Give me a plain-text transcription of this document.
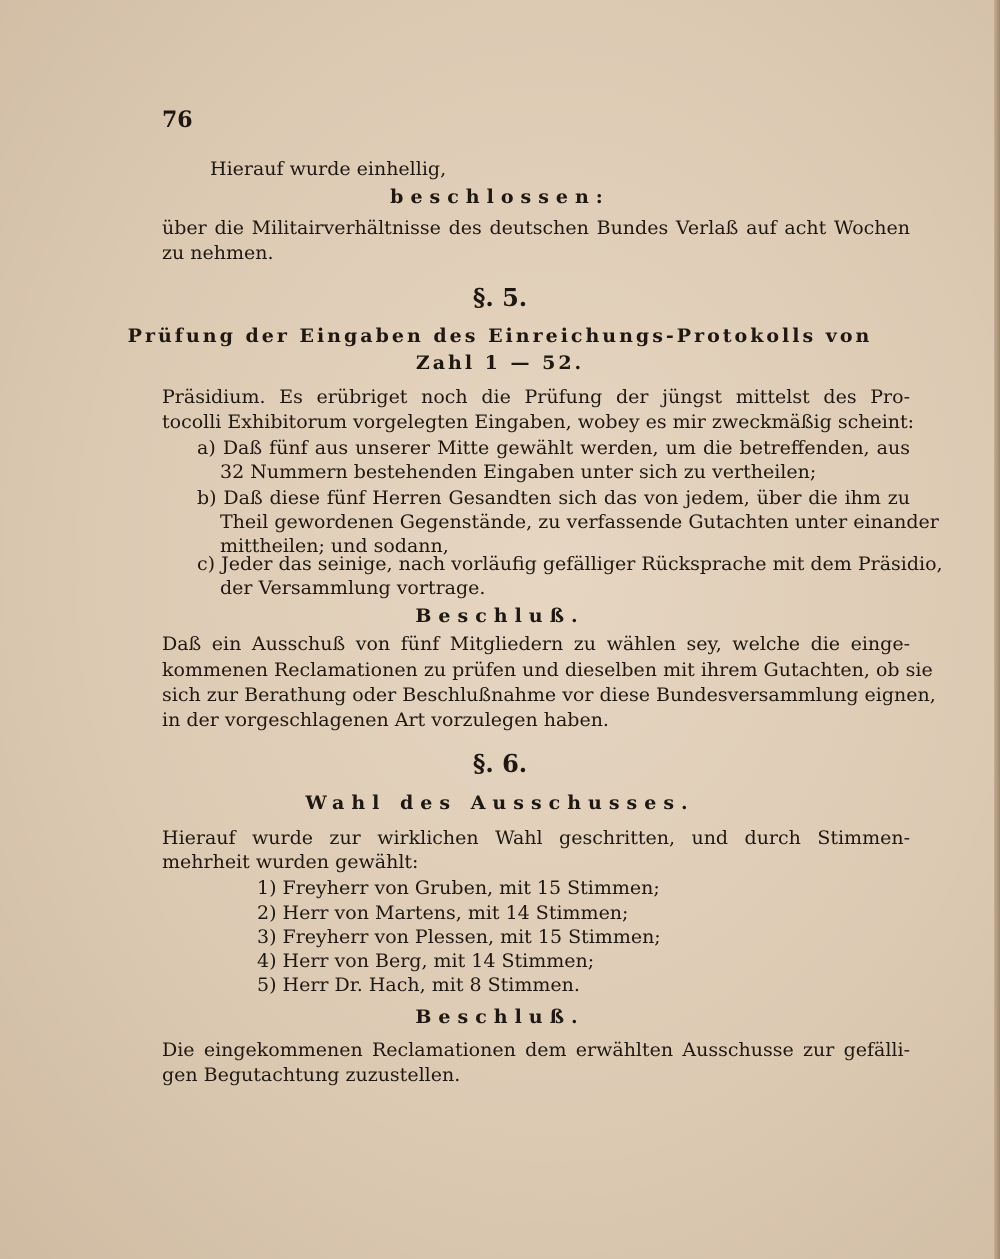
76
Hierauf wurde einhellig,
beschlossen:
über die Militairverhältnisse des deutschen Bundes Verlaß auf acht Wochen
zu nehmen.
§. 5.
Prüfung der Eingaben des Einreichungs-Protokolls von
Zahl 1 — 52.
Präsidium. Es erübriget noch die Prüfung der jüngst mittelst des Pro-
tocolli Exhibitorum vorgelegten Eingaben, wobey es mir zweckmäßig scheint:
a) Daß fünf aus unserer Mitte gewählt werden, um die betreffenden, aus
32 Nummern bestehenden Eingaben unter sich zu vertheilen;
b) Daß diese fünf Herren Gesandten sich das von jedem, über die ihm zu
Theil gewordenen Gegenstände, zu verfassende Gutachten unter einander
mittheilen; und sodann,
c) Jeder das seinige, nach vorläufig gefälliger Rücksprache mit dem Präsidio,
der Versammlung vortrage.
Beschluß.
Daß ein Ausschuß von fünf Mitgliedern zu wählen sey, welche die einge-
kommenen Reclamationen zu prüfen und dieselben mit ihrem Gutachten, ob sie
sich zur Berathung oder Beschlußnahme vor diese Bundesversammlung eignen,
in der vorgeschlagenen Art vorzulegen haben.
§. 6.
Wahl des Ausschusses.
Hierauf wurde zur wirklichen Wahl geschritten, und durch Stimmen-
mehrheit wurden gewählt:
1) Freyherr von Gruben, mit 15 Stimmen;
2) Herr von Martens, mit 14 Stimmen;
3) Freyherr von Plessen, mit 15 Stimmen;
4) Herr von Berg, mit 14 Stimmen;
5) Herr Dr. Hach, mit 8 Stimmen.
Beschluß.
Die eingekommenen Reclamationen dem erwählten Ausschusse zur gefälli-
gen Begutachtung zuzustellen.
